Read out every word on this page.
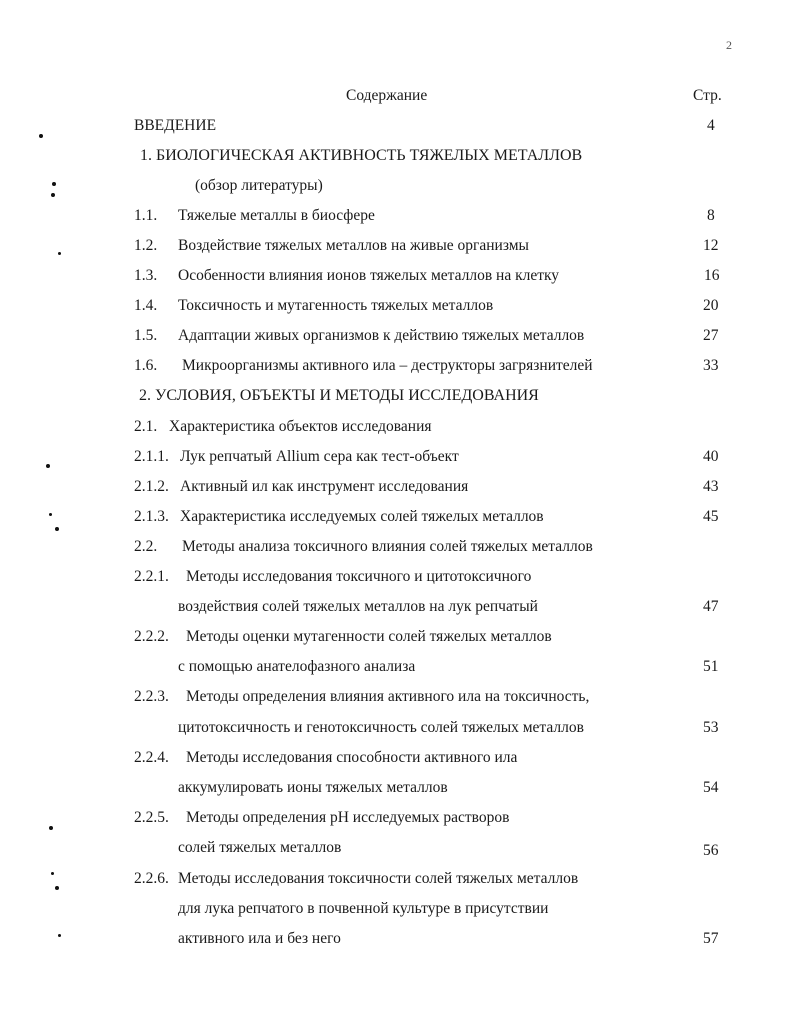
2
Содержание	Стр.
ВВЕДЕНИЕ	4
1. БИОЛОГИЧЕСКАЯ АКТИВНОСТЬ ТЯЖЕЛЫХ МЕТАЛЛОВ
(обзор литературы)
1.1. Тяжелые металлы в биосфере	8
1.2. Воздействие тяжелых металлов на живые организмы	12
1.3. Особенности влияния ионов тяжелых металлов на клетку	16
1.4. Токсичность и мутагенность тяжелых металлов	20
1.5. Адаптации живых организмов к действию тяжелых металлов	27
1.6. Микроорганизмы активного ила – деструкторы загрязнителей	33
2. УСЛОВИЯ, ОБЪЕКТЫ И МЕТОДЫ ИССЛЕДОВАНИЯ
2.1. Характеристика объектов исследования
2.1.1. Лук репчатый Allium сера как тест-объект	40
2.1.2. Активный ил как инструмент исследования	43
2.1.3. Характеристика исследуемых солей тяжелых металлов	45
2.2. Методы анализа токсичного влияния солей тяжелых металлов
2.2.1. Методы исследования токсичного и цитотоксичного
воздействия солей тяжелых металлов на лук репчатый	47
2.2.2. Методы оценки мутагенности солей тяжелых металлов
с помощью анателофазного анализа	51
2.2.3. Методы определения влияния активного ила на токсичность,
цитотоксичность и генотоксичность солей тяжелых металлов	53
2.2.4. Методы исследования способности активного ила
аккумулировать ионы тяжелых металлов	54
2.2.5. Методы определения pH исследуемых растворов
солей тяжелых металлов	56
2.2.6. Методы исследования токсичности солей тяжелых металлов
для лука репчатого в почвенной культуре в присутствии
активного ила и без него	57
